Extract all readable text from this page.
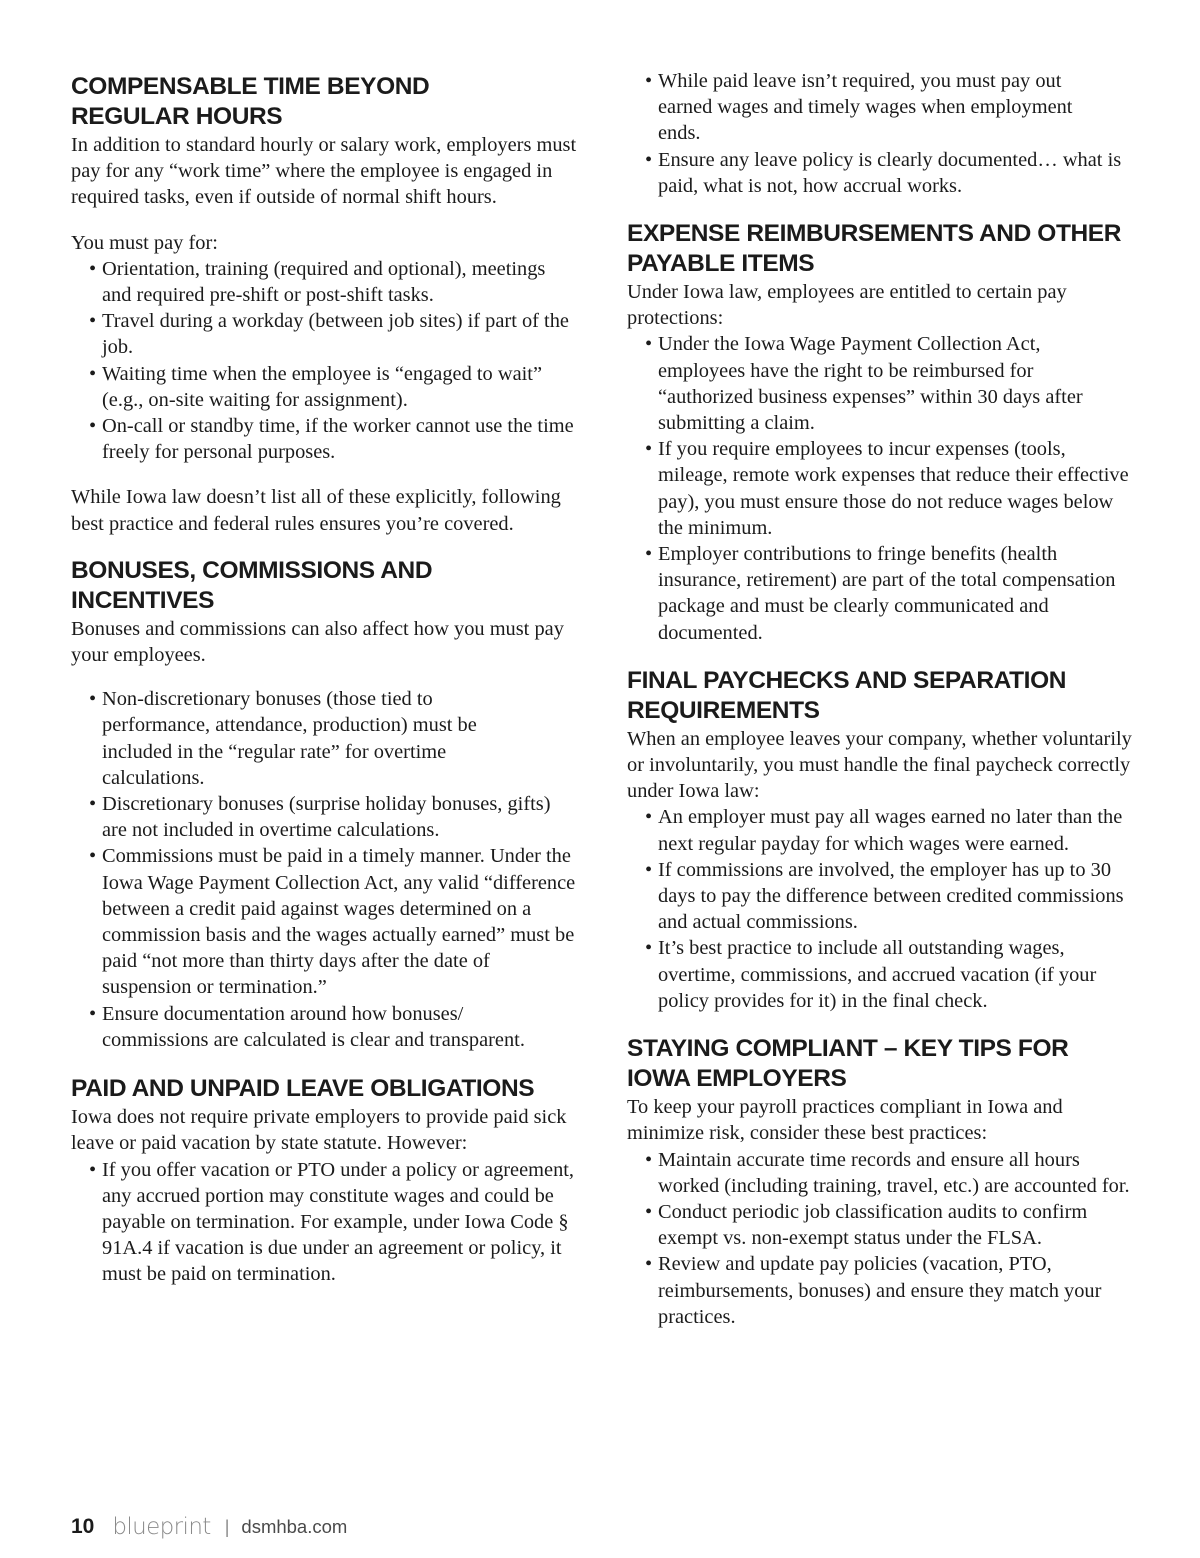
COMPENSABLE TIME BEYOND
REGULAR HOURS

In addition to standard hourly or salary work, employers must pay for any “work time” where the employee is engaged in required tasks, even if outside of normal shift hours.

You must pay for:

• Orientation, training (required and optional), meetings and required pre-shift or post-shift tasks.
• Travel during a workday (between job sites) if part of the job.
• Waiting time when the employee is “engaged to wait” (e.g., on-site waiting for assignment).
• On-call or standby time, if the worker cannot use the time freely for personal purposes.

While Iowa law doesn’t list all of these explicitly, following best practice and federal rules ensures you’re covered.

BONUSES, COMMISSIONS AND
INCENTIVES

Bonuses and commissions can also affect how you must pay your employees.

• Non-discretionary bonuses (those tied to performance, attendance, production) must be included in the “regular rate” for overtime calculations.
• Discretionary bonuses (surprise holiday bonuses, gifts) are not included in overtime calculations.
• Commissions must be paid in a timely manner. Under the Iowa Wage Payment Collection Act, any valid “difference between a credit paid against wages determined on a commission basis and the wages actually earned” must be paid “not more than thirty days after the date of suspension or termination.”
• Ensure documentation around how bonuses/ commissions are calculated is clear and transparent.
PAID AND UNPAID LEAVE OBLIGATIONS

Iowa does not require private employers to provide paid sick leave or paid vacation by state statute. However:

• If you offer vacation or PTO under a policy or agreement, any accrued portion may constitute wages and could be payable on termination. For example, under Iowa Code § 91A.4 if vacation is due under an agreement or policy, it must be paid on termination.
• While paid leave isn’t required, you must pay out earned wages and timely wages when employment ends.
• Ensure any leave policy is clearly documented… what is paid, what is not, how accrual works.
EXPENSE REIMBURSEMENTS AND OTHER
PAYABLE ITEMS

Under Iowa law, employees are entitled to certain pay protections:

• Under the Iowa Wage Payment Collection Act, employees have the right to be reimbursed for “authorized business expenses” within 30 days after submitting a claim.
• If you require employees to incur expenses (tools, mileage, remote work expenses that reduce their effective pay), you must ensure those do not reduce wages below the minimum.
• Employer contributions to fringe benefits (health insurance, retirement) are part of the total compensation package and must be clearly communicated and documented.
FINAL PAYCHECKS AND SEPARATION
REQUIREMENTS

When an employee leaves your company, whether voluntarily or involuntarily, you must handle the final paycheck correctly under Iowa law:

• An employer must pay all wages earned no later than the next regular payday for which wages were earned.
• If commissions are involved, the employer has up to 30 days to pay the difference between credited commissions and actual commissions.
• It’s best practice to include all outstanding wages, overtime, commissions, and accrued vacation (if your policy provides for it) in the final check.
STAYING COMPLIANT – KEY TIPS FOR
IOWA EMPLOYERS

To keep your payroll practices compliant in Iowa and minimize risk, consider these best practices:

• Maintain accurate time records and ensure all hours worked (including training, travel, etc.) are accounted for.
• Conduct periodic job classification audits to confirm exempt vs. non-exempt status under the FLSA.
• Review and update pay policies (vacation, PTO, reimbursements, bonuses) and ensure they match your practices.
10 blueprint | dsmhba.com
